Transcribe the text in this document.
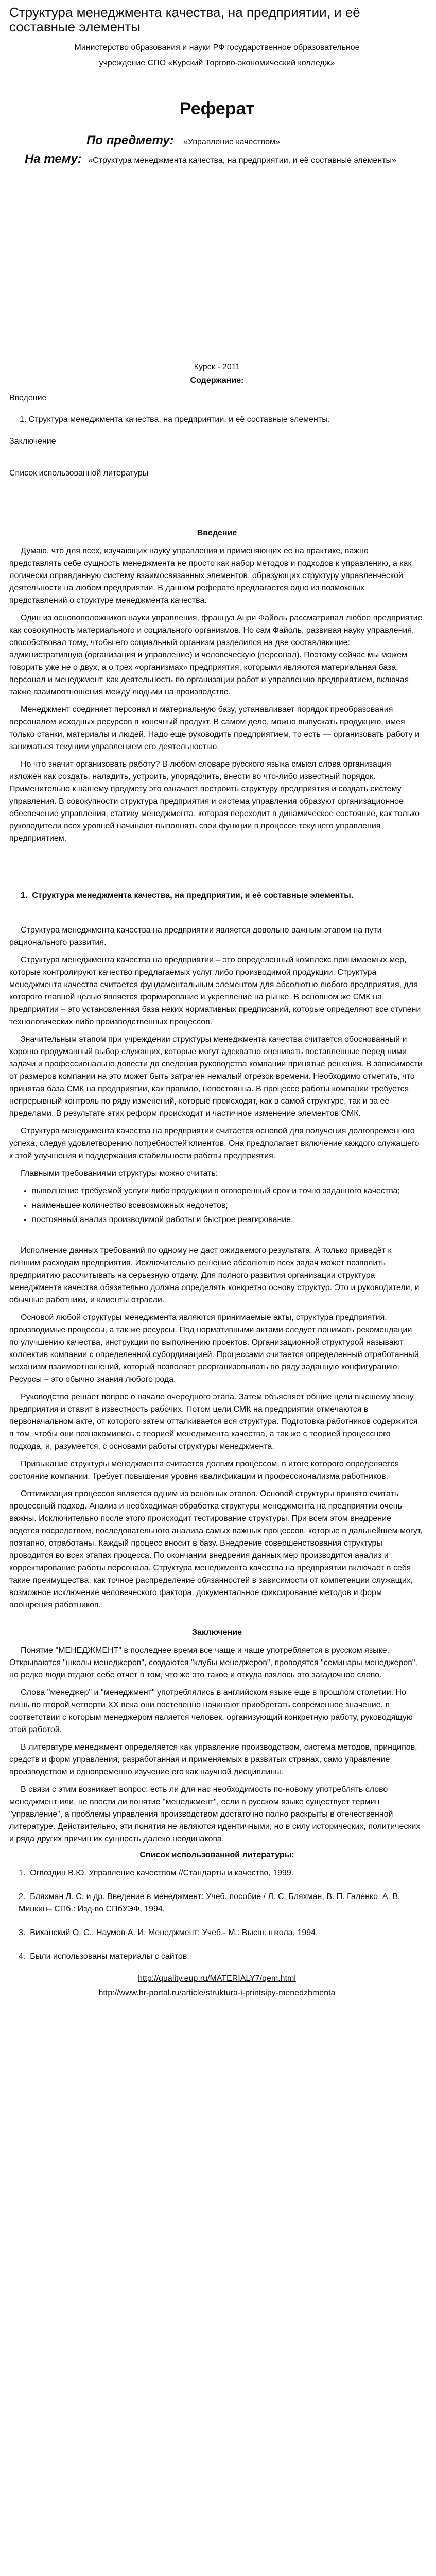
Структура менеджмента качества, на предприятии, и её составные элементы
Министерство образования и науки РФ государственное образовательное
учреждение СПО «Курский Торгово-экономический колледж»
Реферат
По предмету: «Управление качеством»
На тему: «Структура менеджмента качества, на предприятии, и её составные элементы»
Курск - 2011
Содержание:

Введение

1. Структура менеджмента качества, на предприятии, и её составные элементы.

Заключение

Список использованной литературы

Введение

Думаю, что для всех, изучающих науку управления и применяющих ее на практике, важно представлять себе сущность менеджмента не просто как набор методов и подходов к управлению, а как логически оправданную систему взаимосвязанных элементов, образующих структуру управленческой деятельности на любом предприятии. В данном реферате предлагается одно из возможных представлений о структуре менеджмента качества.

Один из основоположников науки управления, француз Анри Файоль рассматривал любое предприятие как совокупность материального и социального организмов. Но сам Файоль, развивая науку управления, способствовал тому, чтобы его социальный организм разделился на две составляющие: административную (организация и управление) и человеческую (персонал). Поэтому сейчас мы можем говорить уже не о двух, а о трех «организмах» предприятия, которыми являются материальная база, персонал и менеджмент, как деятельность по организации работ и управлению предприятием, включая также взаимоотношения между людьми на производстве.

Менеджмент соединяет персонал и материальную базу, устанавливает порядок преобразования персоналом исходных ресурсов в конечный продукт. В самом деле, можно выпускать продукцию, имея только станки, материалы и людей. Надо еще руководить предприятием, то есть — организовать работу и заниматься текущим управлением его деятельностью.

Но что значит организовать работу? В любом словаре русского языка смысл слова организация изложен как создать, наладить, устроить, упорядочить, внести во что-либо известный порядок. Применительно к нашему предмету это означает построить структуру предприятия и создать систему управления. В совокупности структура предприятия и система управления образуют организационное обеспечение управления, статику менеджмента, которая переходит в динамическое состояние, как только руководители всех уровней начинают выполнять свои функции в процессе текущего управления предприятием.

1.  Структура менеджмента качества, на предприятии, и её составные элементы.

Структура менеджмента качества на предприятии является довольно важным этапом на пути рационального развития.

Структура менеджмента качества на предприятии – это определенный комплекс принимаемых мер, которые контролируют качество предлагаемых услуг либо производимой продукции. Структура менеджмента качества считается фундаментальным элементом для абсолютно любого предприятия, для которого главной целью является формирование и укрепление на рынке. В основном же СМК на предприятии – это установленная база неких нормативных предписаний, которые определяют все ступени технологических либо производственных процессов.

Значительным этапом при учреждении структуры менеджмента качества считается обоснованный и хорошо продуманный выбор служащих, которые могут адекватно оценивать поставленные перед ними задачи и профессионально довести до сведения руководства компании принятые решения. В зависимости от размеров компании на это может быть затрачен немалый отрезок времени. Необходимо отметить, что принятая база СМК на предприятии, как правило, непостоянна. В процессе работы компании требуется непрерывный контроль по ряду изменений, которые происходят, как в самой структуре, так и за ее пределами. В результате этих реформ происходит и частичное изменение элементов СМК.

Структура менеджмента качества на предприятии считается основой для получения долговременного успеха, следуя удовлетворению потребностей клиентов. Она предполагает включение каждого служащего к этой улучшения и поддержания стабильности работы предприятия.

Главными требованиями структуры можно считать:

• выполнение требуемой услуги либо продукции в оговоренный срок и точно заданного качества;
• наименьшее количество всевозможных недочетов;
• постоянный анализ производимой работы и быстрое реагирование.

Исполнение данных требований по одному не даст ожидаемого результата. А только приведёт к лишним расходам предприятия. Исключительно решение абсолютно всех задач может позволить предприятию рассчитывать на серьезную отдачу. Для полного развития организации структура менеджмента качества обязательно должна определять конкретно основу структур. Это и руководители, и обычные работники, и клиенты отрасли.

Основой любой структуры менеджмента являются принимаемые акты, структура предприятия, производимые процессы, а так же ресурсы. Под нормативными актами следует понимать рекомендации по улучшению качества, инструкции по выполнению проектов. Организационной структурой называют коллектив компании с определенной субординацией. Процессами считается определенный отработанный механизм взаимоотношений, который позволяет реорганизовывать по ряду заданную конфигурацию. Ресурсы – это обычно знания любого рода.

Руководство решает вопрос о начале очередного этапа. Затем объясняет общие цели высшему звену предприятия и ставит в известность рабочих. Потом цели СМК на предприятии отмечаются в первоначальном акте, от которого затем отталкивается вся структура. Подготовка работников содержится в том, чтобы они познакомились с теорией менеджмента качества, а так же с теорией процессного подхода, и, разумеется, с основами работы структуры менеджмента.

Привыкание структуры менеджмента считается долгим процессом, в итоге которого определяется состояние компании. Требует повышения уровня квалификации и профессионализма работников.

Оптимизация процессов является одним из основных этапов. Основой структуры принято считать процессный подход. Анализ и необходимая обработка структуры менеджмента на предприятии очень важны. Исключительно после этого происходит тестирование структуры. При всем этом внедрение ведется посредством, последовательного анализа самых важных процессов, которые в дальнейшем могут, поэтапно, отработаны. Каждый процесс вносит в базу. Внедрение совершенствования структуры проводится во всех этапах процесса. По окончании внедрения данных мер производится анализ и корректирование работы персонала. Структура менеджмента качества на предприятии включает в себя такие преимущества, как точное распределение обязанностей в зависимости от компетенции служащих, возможное исключение человеческого фактора, документальное фиксирование методов и форм поощрения работников.

Заключение

Понятие "МЕНЕДЖМЕНТ" в последнее время все чаще и чаще употребляется в русском языке. Открываются "школы менеджеров", создаются "клубы менеджеров", проводятся "семинары менеджеров", но редко люди отдают себе отчет в том, что же это такое и откуда взялось это загадочное слово.

Слова "менеджер" и "менеджмент" употреблялись в английском языке еще в прошлом столетии. Но лишь во второй четверти XX века они постепенно начинают приобретать современное значение, в соответствии с которым менеджером является человек, организующий конкретную работу, руководящую этой работой.

В литературе менеджмент определяется как управление производством, система методов, принципов, средств и форм управления, разработанная и применяемых в развитых странах, само управление производством и одновременно изучение его как научной дисциплины.

В связи с этим возникает вопрос: есть ли для нас необходимость по-новому употреблять слово менеджмент или, не ввести ли понятие "менеджмент", если в русском языке существует термин "управление", а проблемы управления производством достаточно полно раскрыты в отечественной литературе. Действительно, эти понятия не являются идентичными, но в силу исторических, политических и ряда других причин их сущность далеко неодинакова.

Список использованной литературы:
1.  Огвоздин В.Ю. Управление качеством //Стандарты и качество, 1999.
2.  Бляхман Л. С. и др. Введение в менеджмент: Учеб. пособие / Л. С. Бляхман, В. П. Галенко, А. В. Минкин– СПб.: Изд-во СПбУЭФ, 1994.
3.  Виханский О. С., Наумов А. И. Менеджмент: Учеб.- М.: Высш. школа, 1994.
4.  Были использованы материалы с сайтов:
http://quality.eup.ru/MATERIALY7/qem.html
http://www.hr-portal.ru/article/struktura-i-printsipy-menedzhmenta
